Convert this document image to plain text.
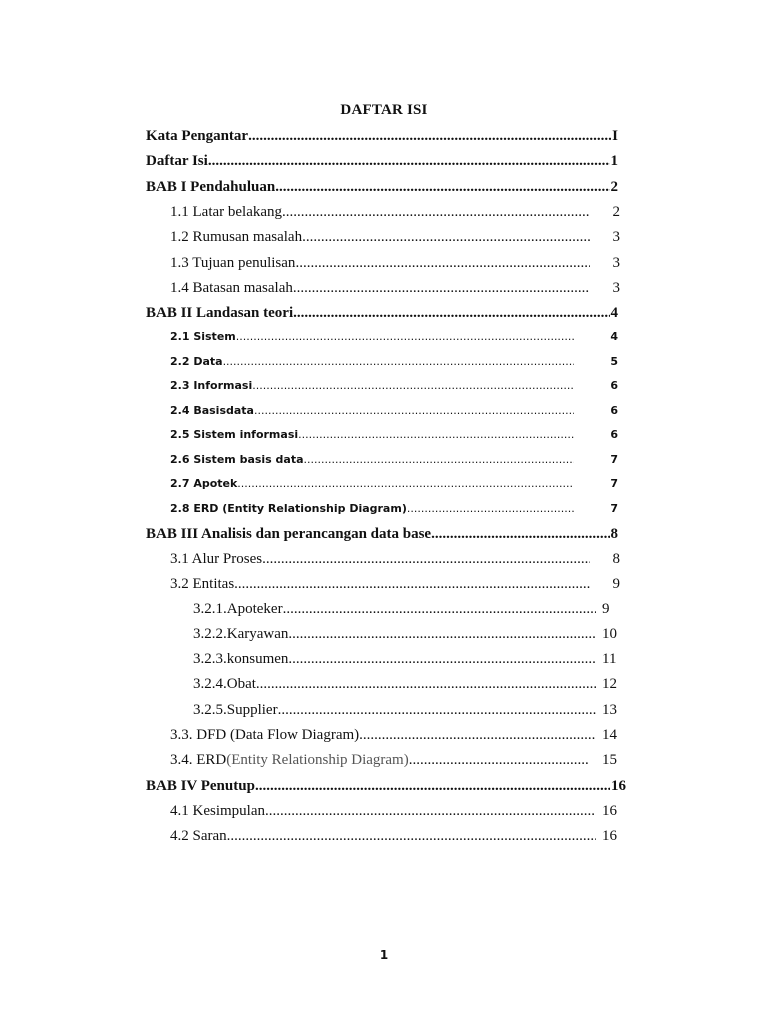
DAFTAR ISI
Kata Pengantar .....	I
Daftar Isi .....	1
BAB I Pendahuluan .....	2
1.1 Latar belakang .....	2
1.2 Rumusan masalah .....	3
1.3 Tujuan penulisan .....	3
1.4 Batasan masalah .....	3
BAB II Landasan teori .....	4
2.1 Sistem .....	4
2.2 Data .....	5
2.3 Informasi .....	6
2.4 Basisdata .....	6
2.5 Sistem informasi .....	6
2.6 Sistem basis data .....	7
2.7 Apotek .....	7
2.8 ERD (Entity Relationship Diagram) .....	7
BAB III Analisis dan perancangan data base .....	8
3.1 Alur Proses .....	8
3.2 Entitas .....	9
3.2.1. Apoteker .....	9
3.2.2. Karyawan .....	10
3.2.3. konsumen .....	11
3.2.4. Obat .....	12
3.2.5. Supplier .....	13
3.3. DFD (Data Flow Diagram) .....	14
3.4. ERD (Entity Relationship Diagram) .....	15
BAB IV Penutup .....	16
4.1 Kesimpulan .....	16
4.2 Saran .....	16
1
